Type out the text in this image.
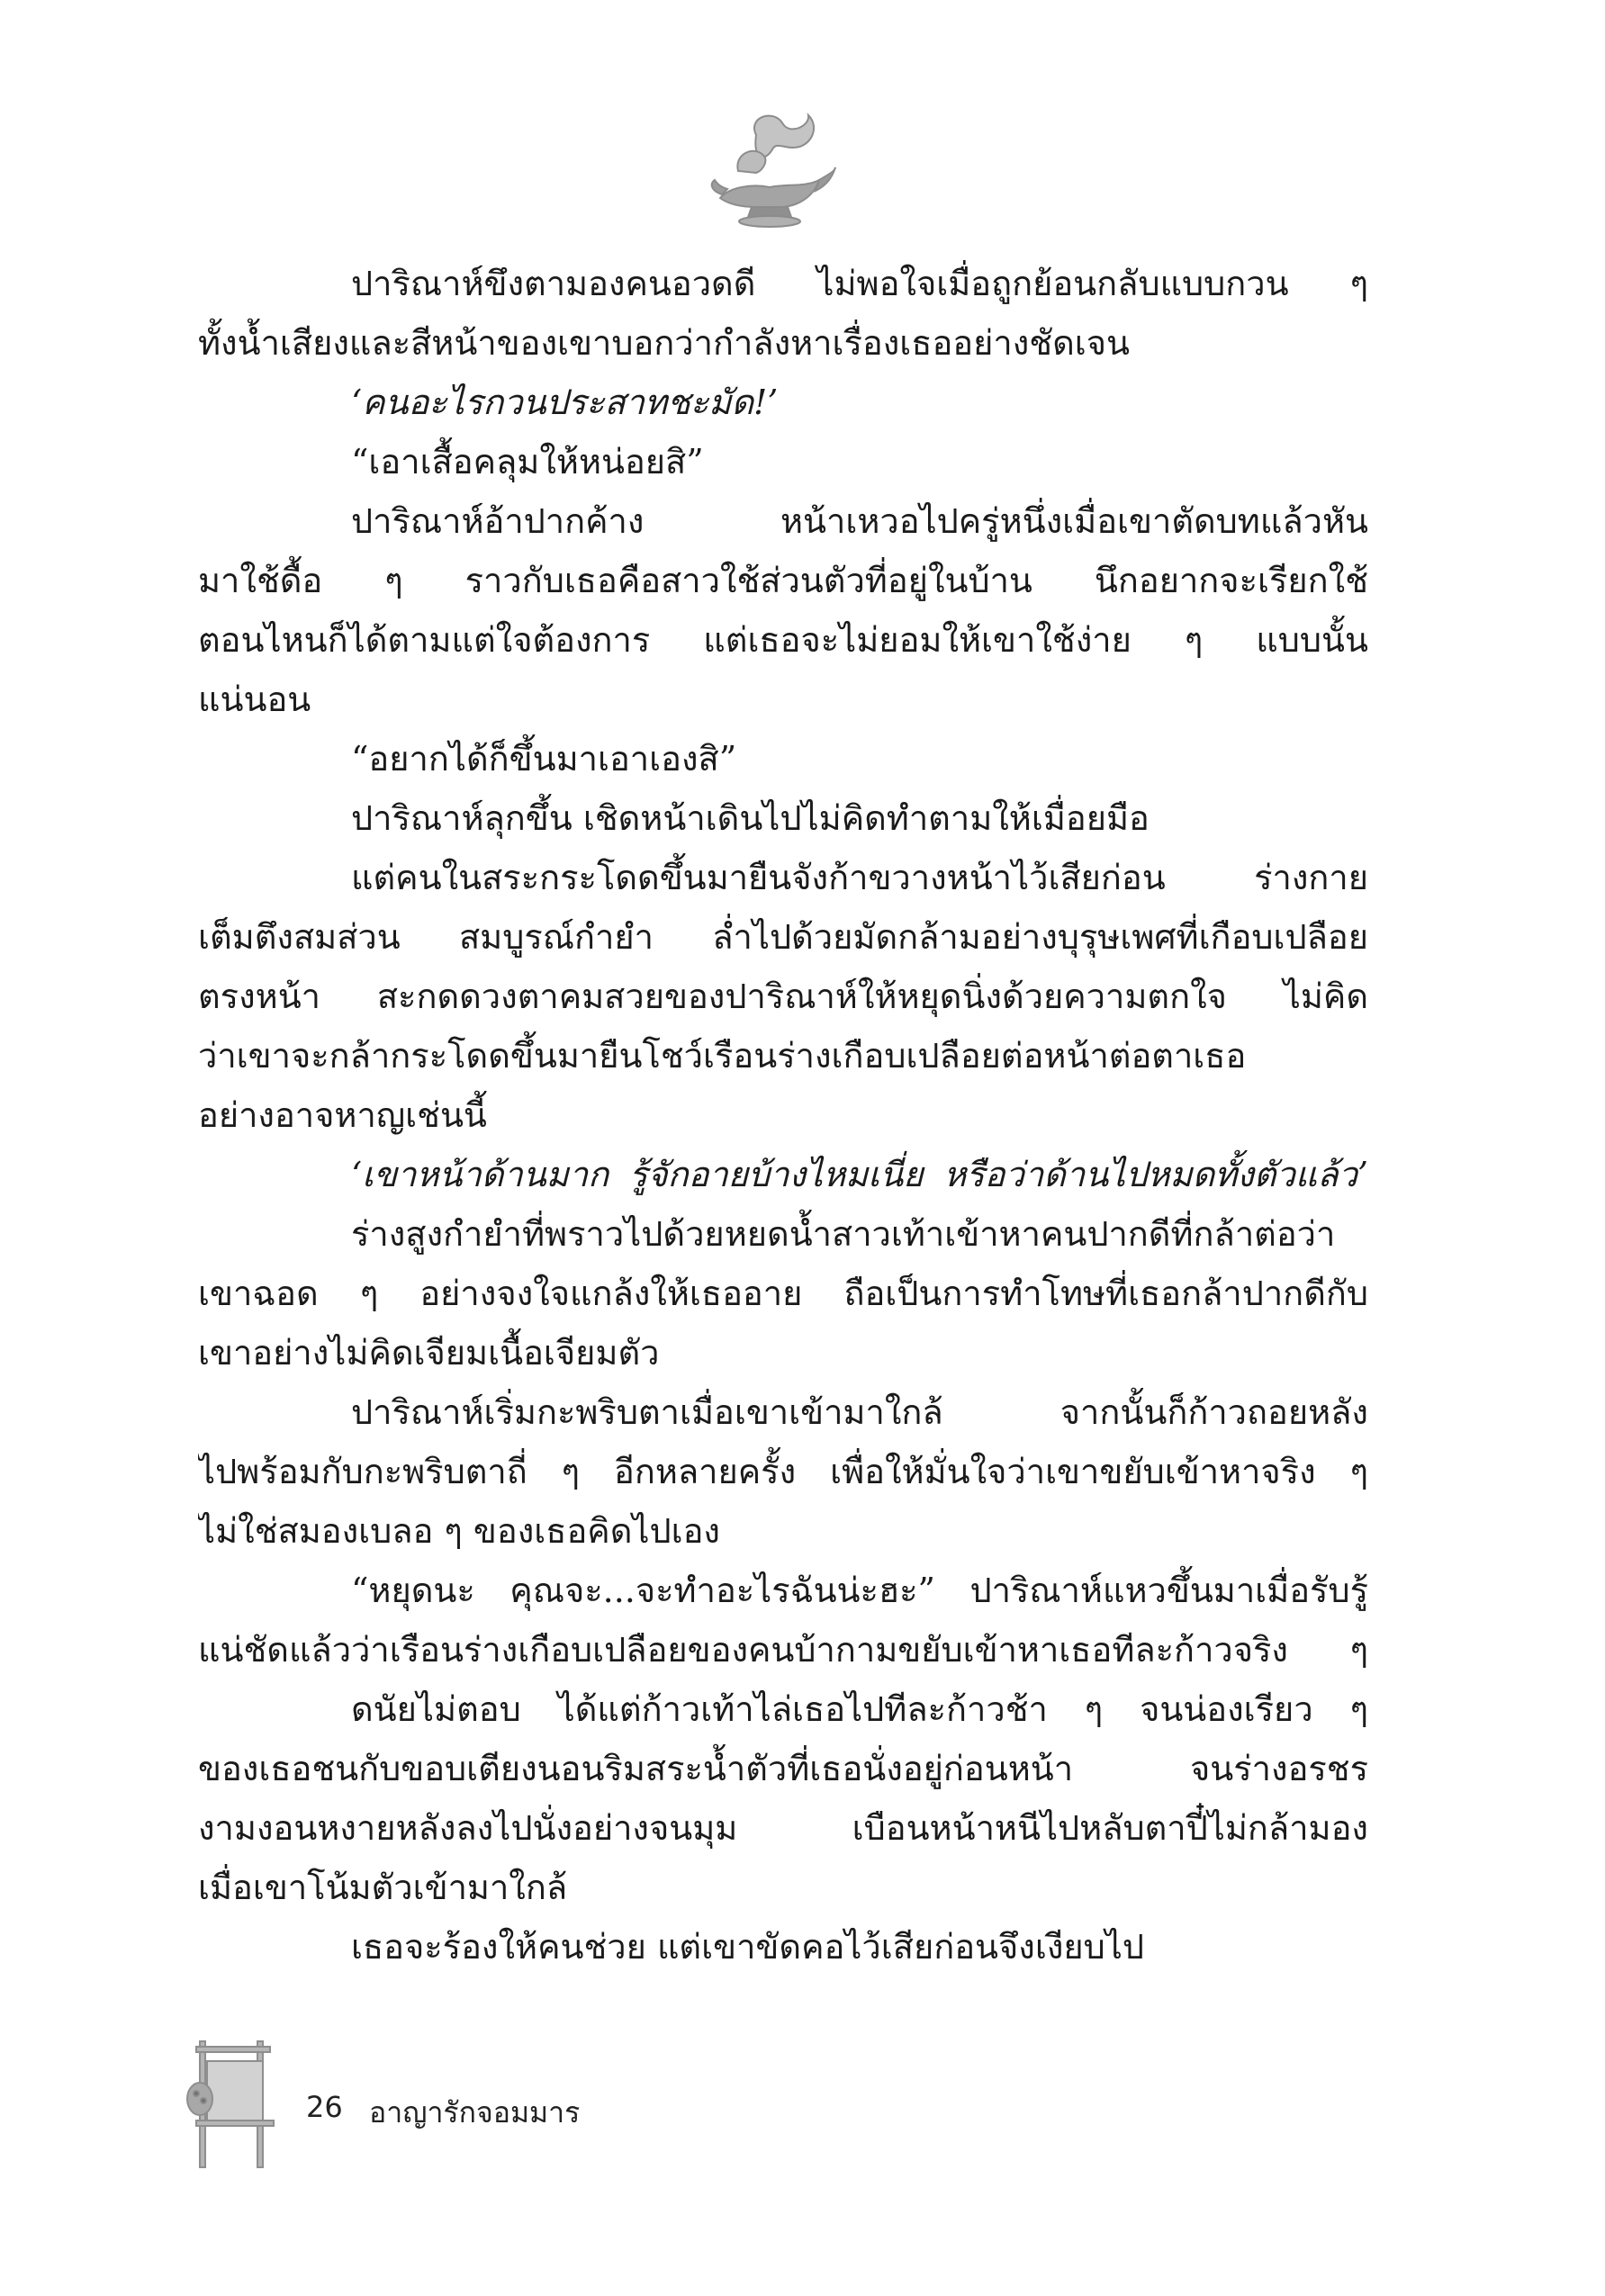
ปาริณาห์ขึงตามองคนอวดดี ไม่พอใจเมื่อถูกย้อนกลับแบบกวน ๆ

ทั้งน้ำเสียงและสีหน้าของเขาบอกว่ากำลังหาเรื่องเธออย่างชัดเจน

‘คนอะไรกวนประสาทชะมัด!’

“เอาเสื้อคลุมให้หน่อยสิ”

ปาริณาห์อ้าปากค้าง หน้าเหวอไปครู่หนึ่งเมื่อเขาตัดบทแล้วหัน

มาใช้ดื้อ ๆ ราวกับเธอคือสาวใช้ส่วนตัวที่อยู่ในบ้าน นึกอยากจะเรียกใช้

ตอนไหนก็ได้ตามแต่ใจต้องการ แต่เธอจะไม่ยอมให้เขาใช้ง่าย ๆ แบบนั้น

แน่นอน

“อยากได้ก็ขึ้นมาเอาเองสิ”

ปาริณาห์ลุกขึ้น เชิดหน้าเดินไปไม่คิดทำตามให้เมื่อยมือ

แต่คนในสระกระโดดขึ้นมายืนจังก้าขวางหน้าไว้เสียก่อน ร่างกาย

เต็มตึงสมส่วน สมบูรณ์กำยำ ล่ำไปด้วยมัดกล้ามอย่างบุรุษเพศที่เกือบเปลือย

ตรงหน้า สะกดดวงตาคมสวยของปาริณาห์ให้หยุดนิ่งด้วยความตกใจ ไม่คิด

ว่าเขาจะกล้ากระโดดขึ้นมายืนโชว์เรือนร่างเกือบเปลือยต่อหน้าต่อตาเธอ

อย่างอาจหาญเช่นนี้

‘เขาหน้าด้านมาก รู้จักอายบ้างไหมเนี่ย หรือว่าด้านไปหมดทั้งตัวแล้ว’

ร่างสูงกำยำที่พราวไปด้วยหยดน้ำสาวเท้าเข้าหาคนปากดีที่กล้าต่อว่า

เขาฉอด ๆ อย่างจงใจแกล้งให้เธออาย ถือเป็นการทำโทษที่เธอกล้าปากดีกับ

เขาอย่างไม่คิดเจียมเนื้อเจียมตัว

ปาริณาห์เริ่มกะพริบตาเมื่อเขาเข้ามาใกล้ จากนั้นก็ก้าวถอยหลัง

ไปพร้อมกับกะพริบตาถี่ ๆ อีกหลายครั้ง เพื่อให้มั่นใจว่าเขาขยับเข้าหาจริง ๆ

ไม่ใช่สมองเบลอ ๆ ของเธอคิดไปเอง

“หยุดนะ คุณจะ...จะทำอะไรฉันน่ะฮะ” ปาริณาห์แหวขึ้นมาเมื่อรับรู้

แน่ชัดแล้วว่าเรือนร่างเกือบเปลือยของคนบ้ากามขยับเข้าหาเธอทีละก้าวจริง ๆ

ดนัยไม่ตอบ ได้แต่ก้าวเท้าไล่เธอไปทีละก้าวช้า ๆ จนน่องเรียว ๆ

ของเธอชนกับขอบเตียงนอนริมสระน้ำตัวที่เธอนั่งอยู่ก่อนหน้า จนร่างอรชร

งามงอนหงายหลังลงไปนั่งอย่างจนมุม เบือนหน้าหนีไปหลับตาปี๋ไม่กล้ามอง

เมื่อเขาโน้มตัวเข้ามาใกล้

เธอจะร้องให้คนช่วย แต่เขาขัดคอไว้เสียก่อนจึงเงียบไป

26 อาญารักจอมมาร
